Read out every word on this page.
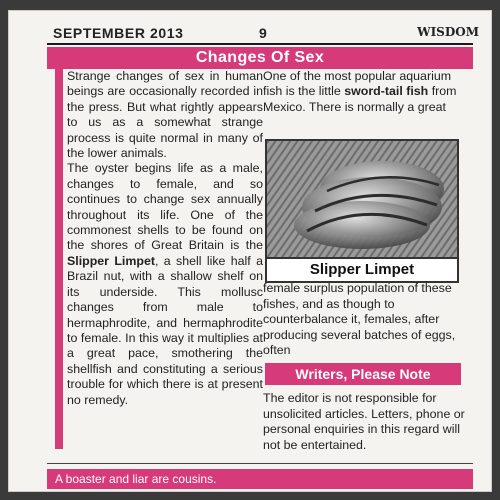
SEPTEMBER 2013	9	WISDOM
Changes Of Sex

Strange changes of sex in human beings are occasionally recorded in the press. But what rightly appears to us as a somewhat strange process is quite normal in many of the lower animals.

The oyster begins life as a male, changes to female, and so continues to change sex annually throughout its life. One of the commonest shells to be found on the shores of Great Britain is the Slipper Limpet, a shell like half a Brazil nut, with a shallow shelf on its underside. This mollusc changes from male to hermaphrodite, and hermaphrodite to female. In this way it multiplies at a great pace, smothering the shellfish and constituting a serious trouble for which there is at present no remedy.

One of the most popular aquarium fish is the little sword-tail fish from Mexico. There is normally a great

Slipper Limpet
female surplus population of these fishes, and as though to counterbalance it, females, after producing several batches of eggs, often
Writers, Please Note
The editor is not responsible for unsolicited articles. Letters, phone or personal enquiries in this regard will not be entertained.
A boaster and liar are cousins.
